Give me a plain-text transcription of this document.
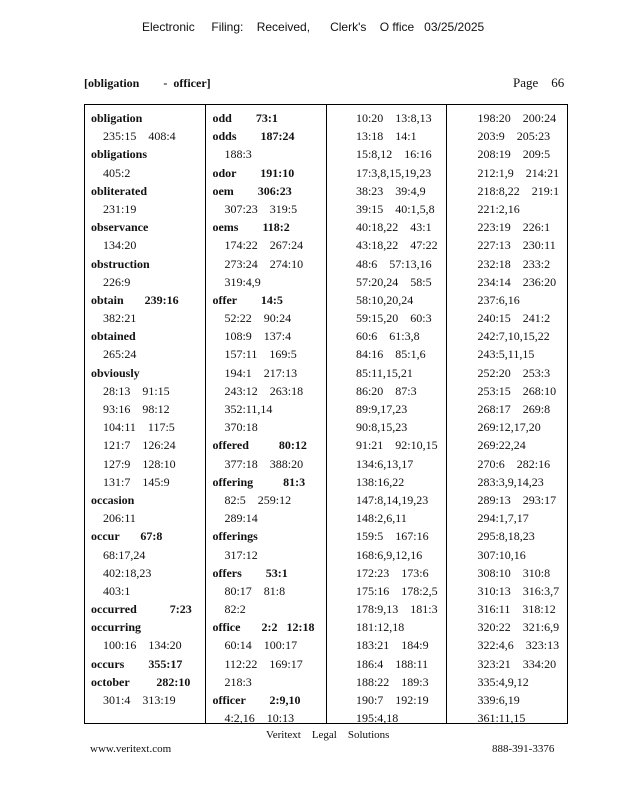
Electronic     Filing:    Received,      Clerk's    O ffice   03/25/2025
[obligation        -  officer]	Page    66
obligation
235:15    408:4
obligations
405:2
obliterated
231:19
observance
134:20
obstruction
226:9
obtain       239:16
382:21
obtained
265:24
obviously
28:13    91:15
93:16    98:12
104:11    117:5
121:7    126:24
127:9    128:10
131:7    145:9
occasion
206:11
occur       67:8
68:17,24
402:18,23
403:1
occurred           7:23
occurring
100:16    134:20
occurs        355:17
october         282:10
301:4    313:19
odd        73:1
odds        187:24
188:3
odor        191:10
oem        306:23
307:23    319:5
oems        118:2
174:22    267:24
273:24    274:10
319:4,9
offer        14:5
52:22    90:24
108:9    137:4
157:11    169:5
194:1    217:13
243:12    263:18
352:11,14
370:18
offered          80:12
377:18    388:20
offering          81:3
82:5    259:12
289:14
offerings
317:12
offers        53:1
80:17    81:8
82:2
office       2:2   12:18
60:14    100:17
112:22    169:17
218:3
officer        2:9,10
4:2,16    10:13
10:20    13:8,13
13:18    14:1
15:8,12    16:16
17:3,8,15,19,23
38:23    39:4,9
39:15    40:1,5,8
40:18,22    43:1
43:18,22    47:22
48:6    57:13,16
57:20,24    58:5
58:10,20,24
59:15,20    60:3
60:6    61:3,8
84:16    85:1,6
85:11,15,21
86:20    87:3
89:9,17,23
90:8,15,23
91:21    92:10,15
134:6,13,17
138:16,22
147:8,14,19,23
148:2,6,11
159:5    167:16
168:6,9,12,16
172:23    173:6
175:16    178:2,5
178:9,13    181:3
181:12,18
183:21    184:9
186:4    188:11
188:22    189:3
190:7    192:19
195:4,18
198:20    200:24
203:9    205:23
208:19    209:5
212:1,9    214:21
218:8,22    219:1
221:2,16
223:19    226:1
227:13    230:11
232:18    233:2
234:14    236:20
237:6,16
240:15    241:2
242:7,10,15,22
243:5,11,15
252:20    253:3
253:15    268:10
268:17    269:8
269:12,17,20
269:22,24
270:6    282:16
283:3,9,14,23
289:13    293:17
294:1,7,17
295:8,18,23
307:10,16
308:10    310:8
310:13    316:3,7
316:11    318:12
320:22    321:6,9
322:4,6    323:13
323:21    334:20
335:4,9,12
339:6,19
361:11,15
Veritext    Legal    Solutions
www.veritext.com	888-391-3376
